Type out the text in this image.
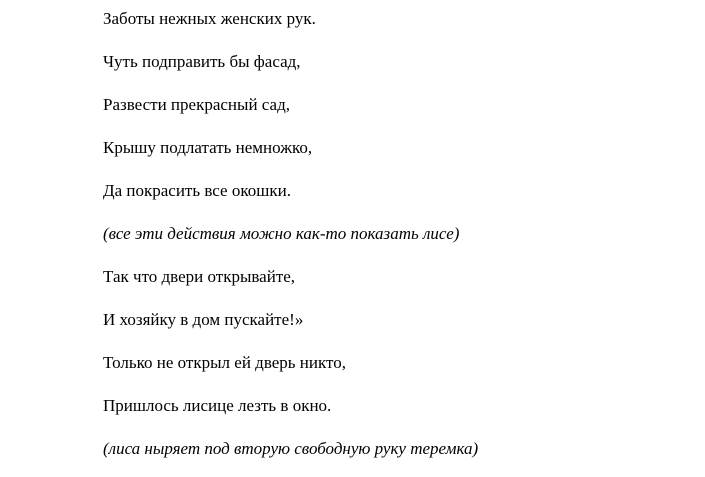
Заботы нежных женских рук.
Чуть подправить бы фасад,
Развести прекрасный сад,
Крышу подлатать немножко,
Да покрасить все окошки.
(все эти действия можно как-то показать лисе)
Так что двери открывайте,
И хозяйку в дом пускайте!»
Только не открыл ей дверь никто,
Пришлось лисице лезть в окно.
(лиса ныряет под вторую свободную руку теремка)
